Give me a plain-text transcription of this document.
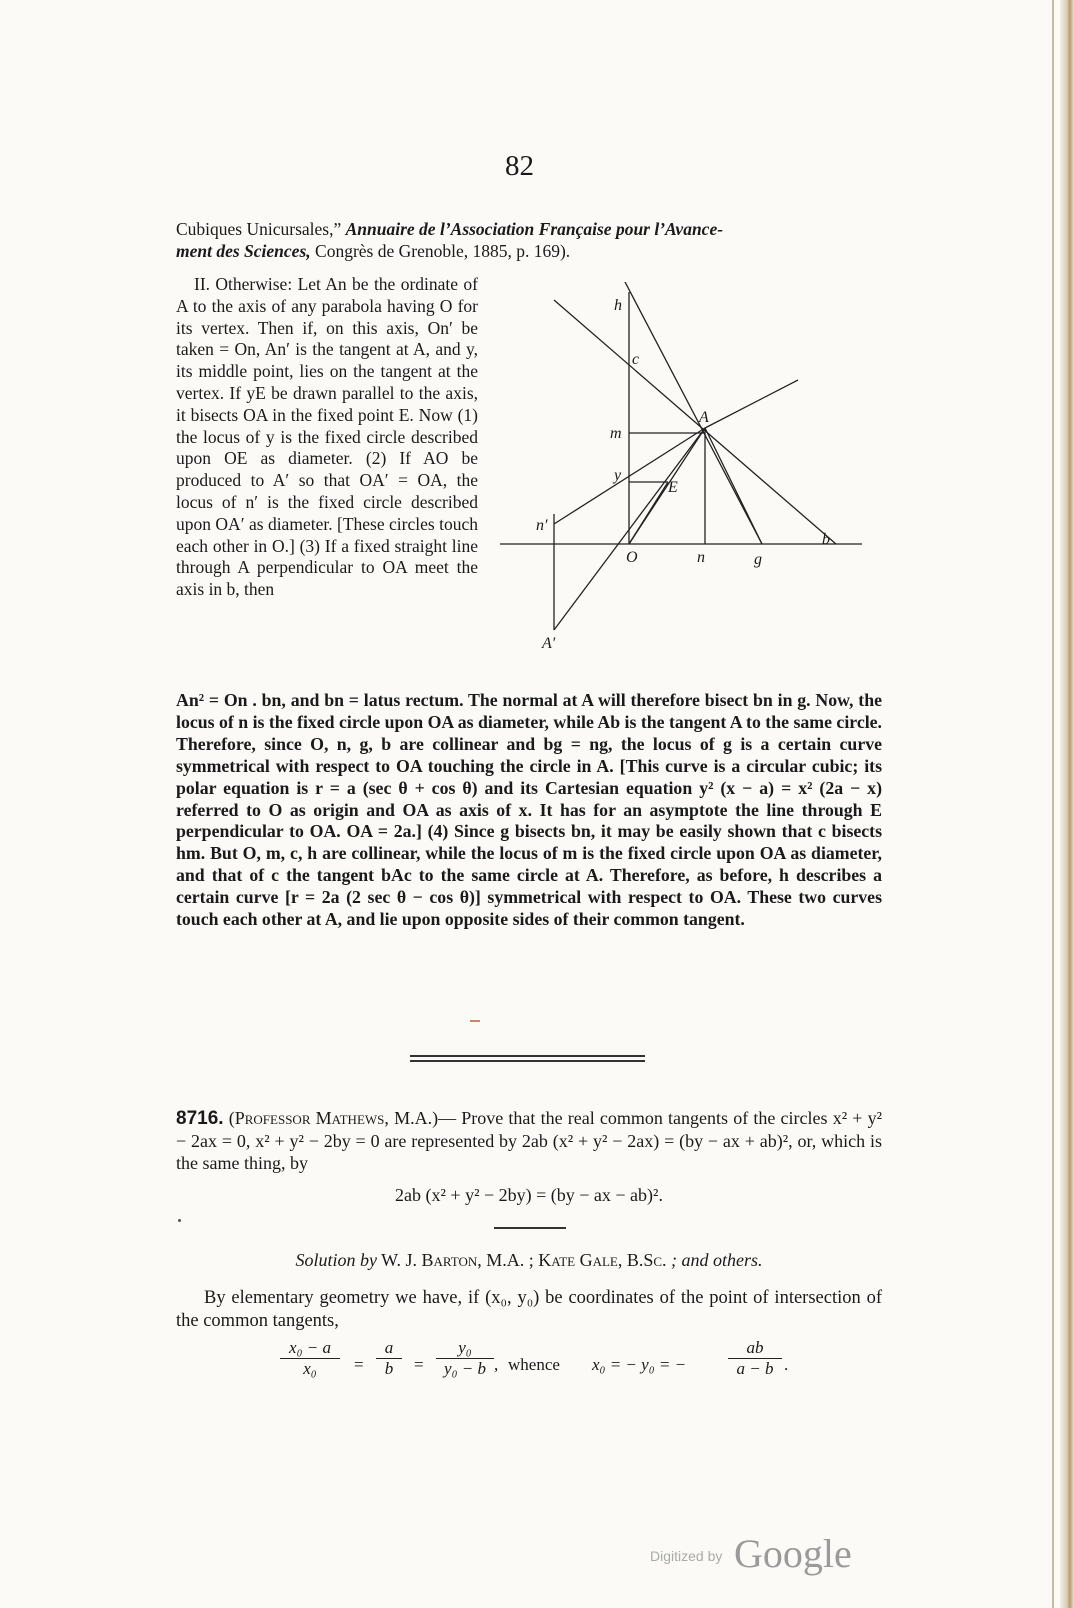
82

Cubiques Unicursales,” Annuaire de l’Association Française pour l’Avance-
ment des Sciences, Congrès de Grenoble, 1885, p. 169).

II. Otherwise: Let An be the ordinate of A to the axis of any parabola having O for its vertex. Then if, on this axis, On′ be taken = On, An′ is the tangent at A, and y, its middle point, lies on the tangent at the vertex. If yE be drawn parallel to the axis, it bisects OA in the fixed point E. Now (1) the locus of y is the fixed circle described upon OE as diameter. (2) If AO be produced to A′ so that OA′ = OA, the locus of n′ is the fixed circle described upon OA′ as diameter. [These circles touch each other in O.] (3) If a fixed straight line through A perpendicular to OA meet the axis in b, then

h
c
A
m
y
E
n′
O	n	g
b
A′

An² = On . bn, and bn = latus rectum. The normal at A will therefore bisect bn in g. Now, the locus of n is the fixed circle upon OA as diameter, while Ab is the tangent A to the same circle. Therefore, since O, n, g, b are collinear and bg = ng, the locus of g is a certain curve symmetrical with respect to OA touching the circle in A. [This curve is a circular cubic; its polar equation is r = a (sec θ + cos θ) and its Cartesian equation y² (x − a) = x² (2a − x) referred to O as origin and OA as axis of x. It has for an asymptote the line through E perpendicular to OA. OA = 2a.] (4) Since g bisects bn, it may be easily shown that c bisects hm. But O, m, c, h are collinear, while the locus of m is the fixed circle upon OA as diameter, and that of c the tangent bAc to the same circle at A. Therefore, as before, h describes a certain curve [r = 2a (2 sec θ − cos θ)] symmetrical with respect to OA. These two curves touch each other at A, and lie upon opposite sides of their common tangent.

8716. (Professor Mathews, M.A.)— Prove that the real common tangents of the circles x² + y² − 2ax = 0, x² + y² − 2by = 0 are represented by 2ab (x² + y² − 2ax) = (by − ax + ab)², or, which is the same thing, by

2ab (x² + y² − 2by) = (by − ax − ab)².
Solution by W. J. Barton, M.A. ; Kate Gale, B.Sc. ; and others.

By elementary geometry we have, if (x₀, y₀) be coordinates of the point of intersection of the common tangents,

$\frac{\text{x₀ − a}}{\text{x₀}} = \frac{a}{b} = \frac{\text{y₀}}{\text{y₀ − b}}$ , whence x₀ = − y₀ = − $\frac{ab}{a - b}$ .
Digitized by Google
